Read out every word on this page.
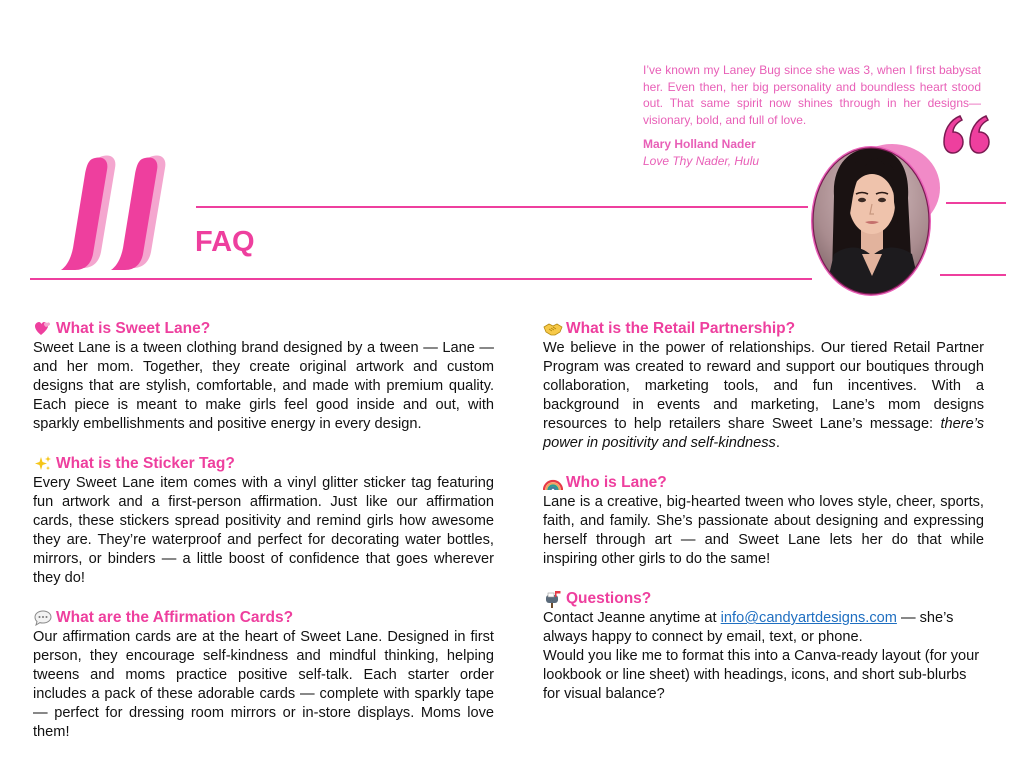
I’ve known my Laney Bug since she was 3, when I first babysat her. Even then, her big personality and boundless heart stood out. That same spirit now shines through in her designs—visionary, bold, and full of love.

Mary Holland Nader

Love Thy Nader, Hulu

FAQ
What is Sweet Lane?

Sweet Lane is a tween clothing brand designed by a tween — Lane — and her mom. Together, they create original artwork and custom designs that are stylish, comfortable, and made with premium quality. Each piece is meant to make girls feel good inside and out, with sparkly embellishments and positive energy in every design.

What is the Sticker Tag?

Every Sweet Lane item comes with a vinyl glitter sticker tag featuring fun artwork and a first-person affirmation. Just like our affirmation cards, these stickers spread positivity and remind girls how awesome they are. They’re waterproof and perfect for decorating water bottles, mirrors, or binders — a little boost of confidence that goes wherever they do!

What are the Affirmation Cards?

Our affirmation cards are at the heart of Sweet Lane. Designed in first person, they encourage self-kindness and mindful thinking, helping tweens and moms practice positive self-talk. Each starter order includes a pack of these adorable cards — complete with sparkly tape — perfect for dressing room mirrors or in-store displays. Moms love them!

What is the Retail Partnership?

We believe in the power of relationships. Our tiered Retail Partner Program was created to reward and support our boutiques through collaboration, marketing tools, and fun incentives. With a background in events and marketing, Lane’s mom designs resources to help retailers share Sweet Lane’s message: there’s power in positivity and self-kindness.

Who is Lane?

Lane is a creative, big-hearted tween who loves style, cheer, sports, faith, and family. She’s passionate about designing and expressing herself through art — and Sweet Lane lets her do that while inspiring other girls to do the same!

Questions?

Contact Jeanne anytime at info@candyartdesigns.com — she’s always happy to connect by email, text, or phone.

Would you like me to format this into a Canva-ready layout (for your lookbook or line sheet) with headings, icons, and short sub-blurbs for visual balance?
